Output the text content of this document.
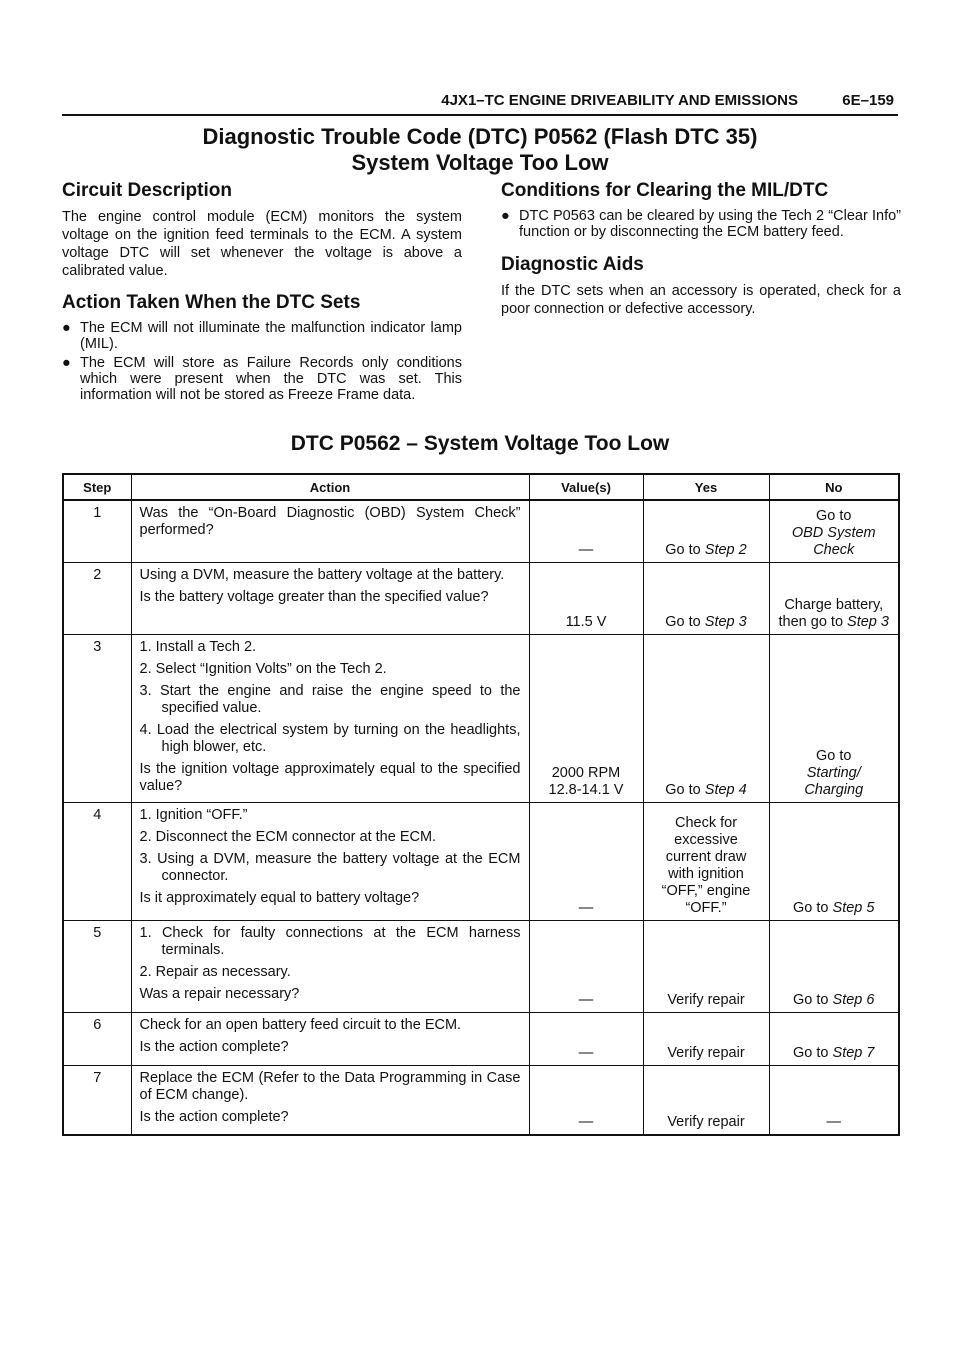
4JX1–TC ENGINE DRIVEABILITY AND EMISSIONS	6E–159
Diagnostic Trouble Code (DTC) P0562 (Flash DTC 35)
System Voltage Too Low
Circuit Description

The engine control module (ECM) monitors the system voltage on the ignition feed terminals to the ECM. A system voltage DTC will set whenever the voltage is above a calibrated value.

Action Taken When the DTC Sets
● The ECM will not illuminate the malfunction indicator lamp (MIL).
● The ECM will store as Failure Records only conditions which were present when the DTC was set. This information will not be stored as Freeze Frame data.
Conditions for Clearing the MIL/DTC
● DTC P0563 can be cleared by using the Tech 2 “Clear Info” function or by disconnecting the ECM battery feed.
Diagnostic Aids

If the DTC sets when an accessory is operated, check for a poor connection or defective accessory.

DTC P0562 – System Voltage Too Low
Step	Action	Value(s)	Yes	No
1	Was the “On-Board Diagnostic (OBD) System Check” performed?	—	Go to Step 2	Go to
OBD System Check
2	Using a DVM, measure the battery voltage at the battery.
Is the battery voltage greater than the specified value?	11.5 V	Go to Step 3	Charge battery, then go to Step 3
3	1. Install a Tech 2.
2. Select “Ignition Volts” on the Tech 2.
3. Start the engine and raise the engine speed to the specified value.
4. Load the electrical system by turning on the headlights, high blower, etc.
Is the ignition voltage approximately equal to the specified value?	2000 RPM
12.8-14.1 V	Go to Step 4	Go to
Starting/ Charging
4	1. Ignition “OFF.”
2. Disconnect the ECM connector at the ECM.
3. Using a DVM, measure the battery voltage at the ECM connector.
Is it approximately equal to battery voltage?	—	Check for excessive current draw with ignition “OFF,” engine “OFF.”	Go to Step 5
5	1. Check for faulty connections at the ECM harness terminals.
2. Repair as necessary.
Was a repair necessary?	—	Verify repair	Go to Step 6
6	Check for an open battery feed circuit to the ECM.
Is the action complete?	—	Verify repair	Go to Step 7
7	Replace the ECM (Refer to the Data Programming in Case of ECM change).
Is the action complete?	—	Verify repair	—
